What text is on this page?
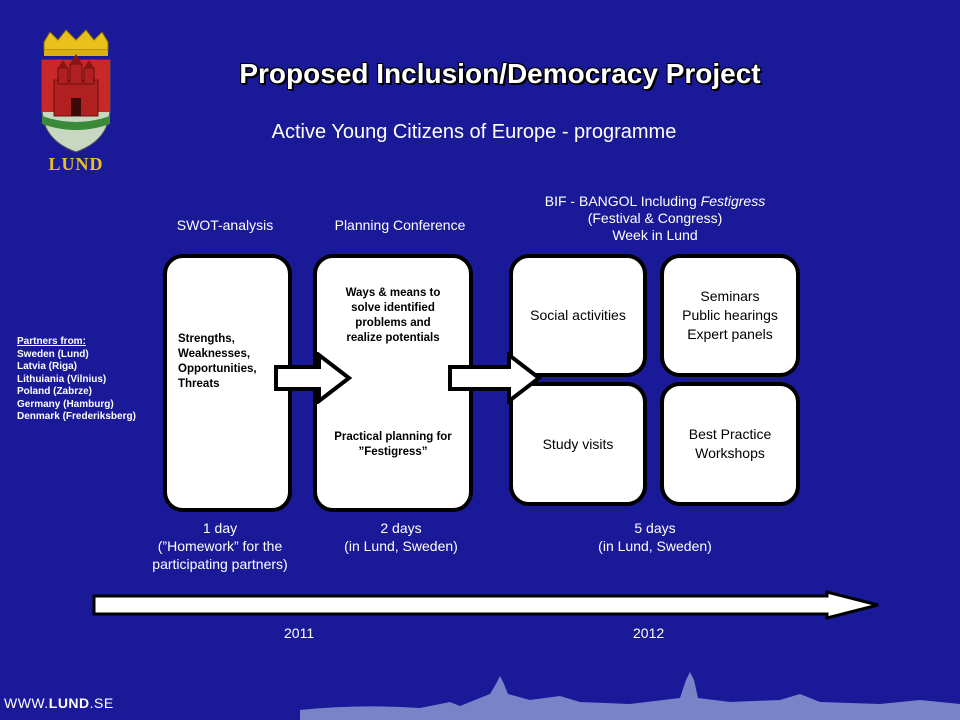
LUND
Proposed Inclusion/Democracy Project
Active Young Citizens of Europe - programme
SWOT-analysis	Planning Conference
BIF - BANGOL Including Festigress
(Festival & Congress)
Week in Lund
Strengths,
Weaknesses,
Opportunities,
Threats
Ways & means to
solve identified
problems and
realize potentials
Practical planning for
”Festigress”
Social activities
Seminars
Public hearings
Expert panels
Study visits
Best Practice
Workshops
Partners from:
Sweden (Lund)
Latvia (Riga)
Lithuiania (Vilnius)
Poland (Zabrze)
Germany (Hamburg)
Denmark (Frederiksberg)
1 day
(”Homework” for the
participating partners)
2 days
(in Lund, Sweden)
5 days
(in Lund, Sweden)
2011	2012
WWW.LUND.SE
